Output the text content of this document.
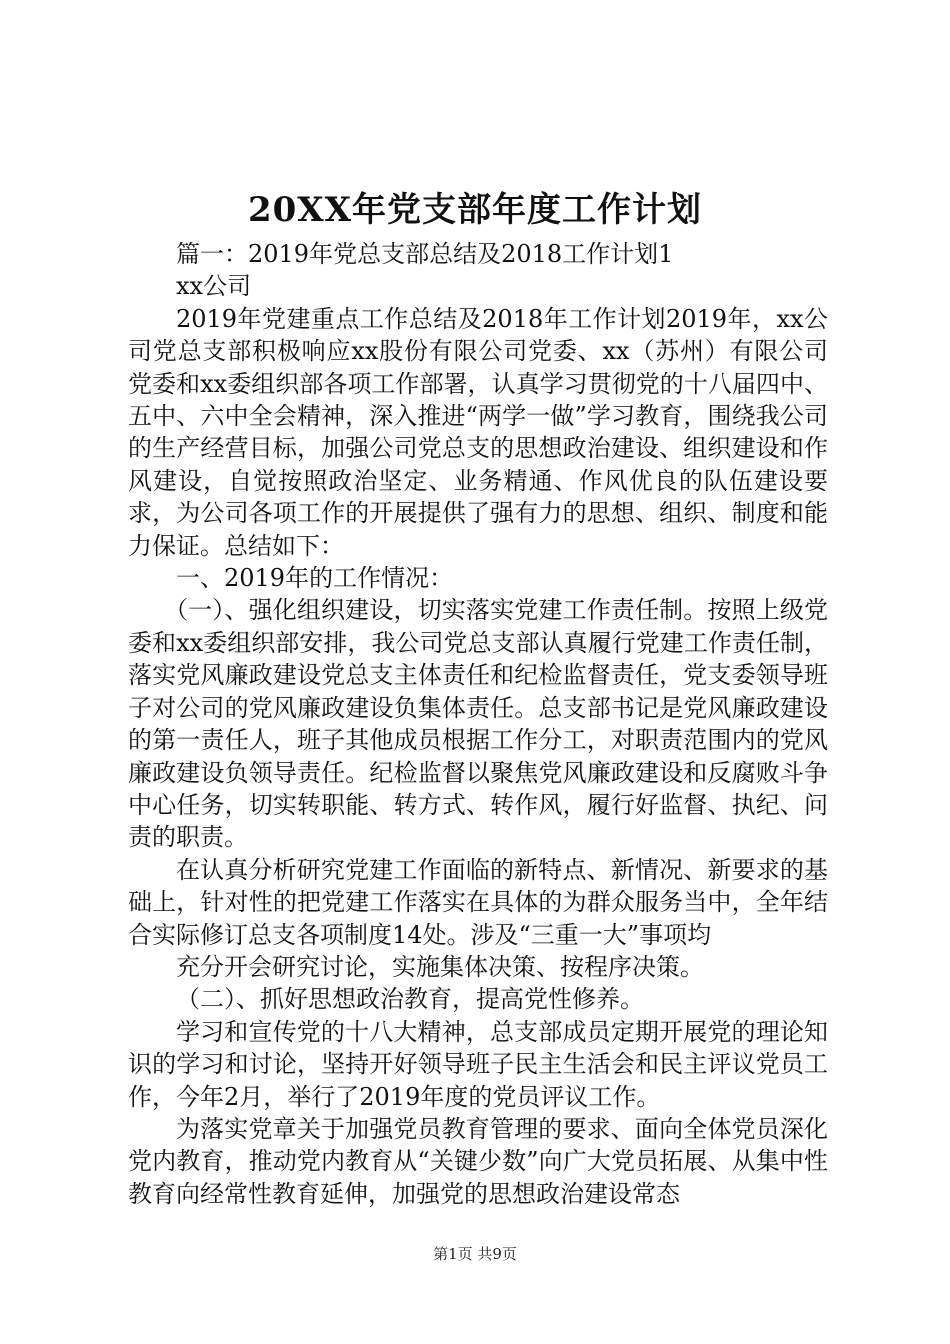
20XX年党支部年度工作计划

篇一：2019年党总支部总结及2018工作计划1

xx公司

2019年党建重点工作总结及2018年工作计划2019年，xx公司党总支部积极响应xx股份有限公司党委、xx（苏州）有限公司党委和xx委组织部各项工作部署，认真学习贯彻党的十八届四中、五中、六中全会精神，深入推进“两学一做”学习教育，围绕我公司的生产经营目标，加强公司党总支的思想政治建设、组织建设和作风建设，自觉按照政治坚定、业务精通、作风优良的队伍建设要求，为公司各项工作的开展提供了强有力的思想、组织、制度和能力保证。总结如下：

一、2019年的工作情况：

（一）、强化组织建设，切实落实党建工作责任制。按照上级党委和xx委组织部安排，我公司党总支部认真履行党建工作责任制，落实党风廉政建设党总支主体责任和纪检监督责任，党支委领导班子对公司的党风廉政建设负集体责任。总支部书记是党风廉政建设的第一责任人，班子其他成员根据工作分工，对职责范围内的党风廉政建设负领导责任。纪检监督以聚焦党风廉政建设和反腐败斗争中心任务，切实转职能、转方式、转作风，履行好监督、执纪、问责的职责。

在认真分析研究党建工作面临的新特点、新情况、新要求的基础上，针对性的把党建工作落实在具体的为群众服务当中，全年结合实际修订总支各项制度14处。涉及“三重一大”事项均

充分开会研究讨论，实施集体决策、按程序决策。

（二）、抓好思想政治教育，提高党性修养。

学习和宣传党的十八大精神，总支部成员定期开展党的理论知识的学习和讨论，坚持开好领导班子民主生活会和民主评议党员工作，今年2月，举行了2019年度的党员评议工作。

为落实党章关于加强党员教育管理的要求、面向全体党员深化党内教育，推动党内教育从“关键少数”向广大党员拓展、从集中性教育向经常性教育延伸，加强党的思想政治建设常态

第1页 共9页
